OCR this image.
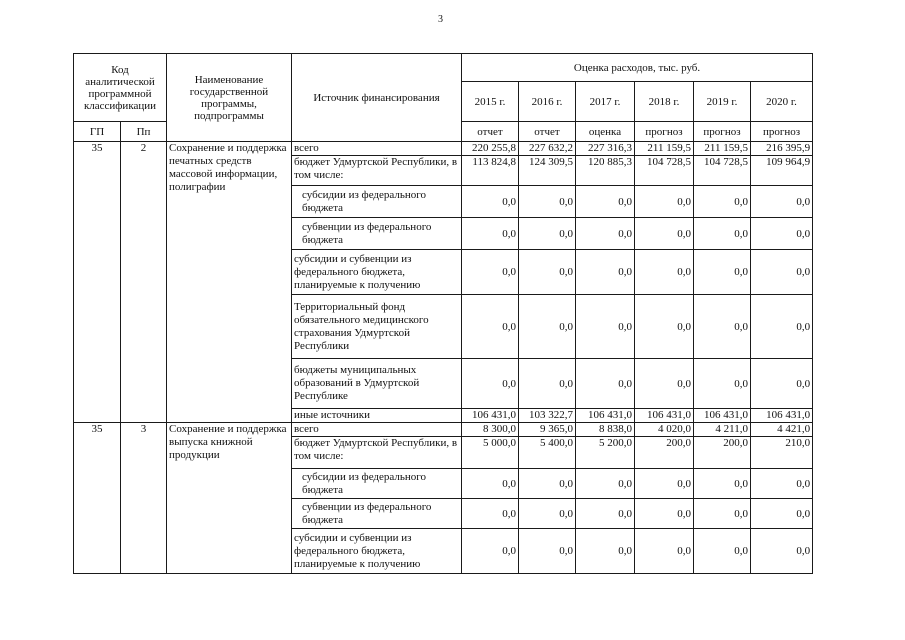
3
Код аналитической программной классификации		Наименование государственной программы, подпрограммы	Источник финансирования	Оценка расходов, тыс. руб.					
				2015 г.	2016 г.	2017 г.	2018 г.	2019 г.	2020 г.
ГП	Пп			отчет	отчет	оценка	прогноз	прогноз	прогноз
35	2	Сохранение и поддержка печатных средств массовой информации, полиграфии	всего	220 255,8	227 632,2	227 316,3	211 159,5	211 159,5	216 395,9
			бюджет Удмуртской Республики, в том числе:	113 824,8	124 309,5	120 885,3	104 728,5	104 728,5	109 964,9
			субсидии из федерального бюджета	0,0	0,0	0,0	0,0	0,0	0,0
			субвенции из федерального бюджета	0,0	0,0	0,0	0,0	0,0	0,0
			субсидии и субвенции из федерального бюджета, планируемые к получению	0,0	0,0	0,0	0,0	0,0	0,0
			Территориальный фонд обязательного медицинского страхования Удмуртской Республики	0,0	0,0	0,0	0,0	0,0	0,0
			бюджеты муниципальных образований в Удмуртской Республике	0,0	0,0	0,0	0,0	0,0	0,0
			иные источники	106 431,0	103 322,7	106 431,0	106 431,0	106 431,0	106 431,0
35	3	Сохранение и поддержка выпуска книжной продукции	всего	8 300,0	9 365,0	8 838,0	4 020,0	4 211,0	4 421,0
			бюджет Удмуртской Республики, в том числе:	5 000,0	5 400,0	5 200,0	200,0	200,0	210,0
			субсидии из федерального бюджета	0,0	0,0	0,0	0,0	0,0	0,0
			субвенции из федерального бюджета	0,0	0,0	0,0	0,0	0,0	0,0
			субсидии и субвенции из федерального бюджета, планируемые к получению	0,0	0,0	0,0	0,0	0,0	0,0
